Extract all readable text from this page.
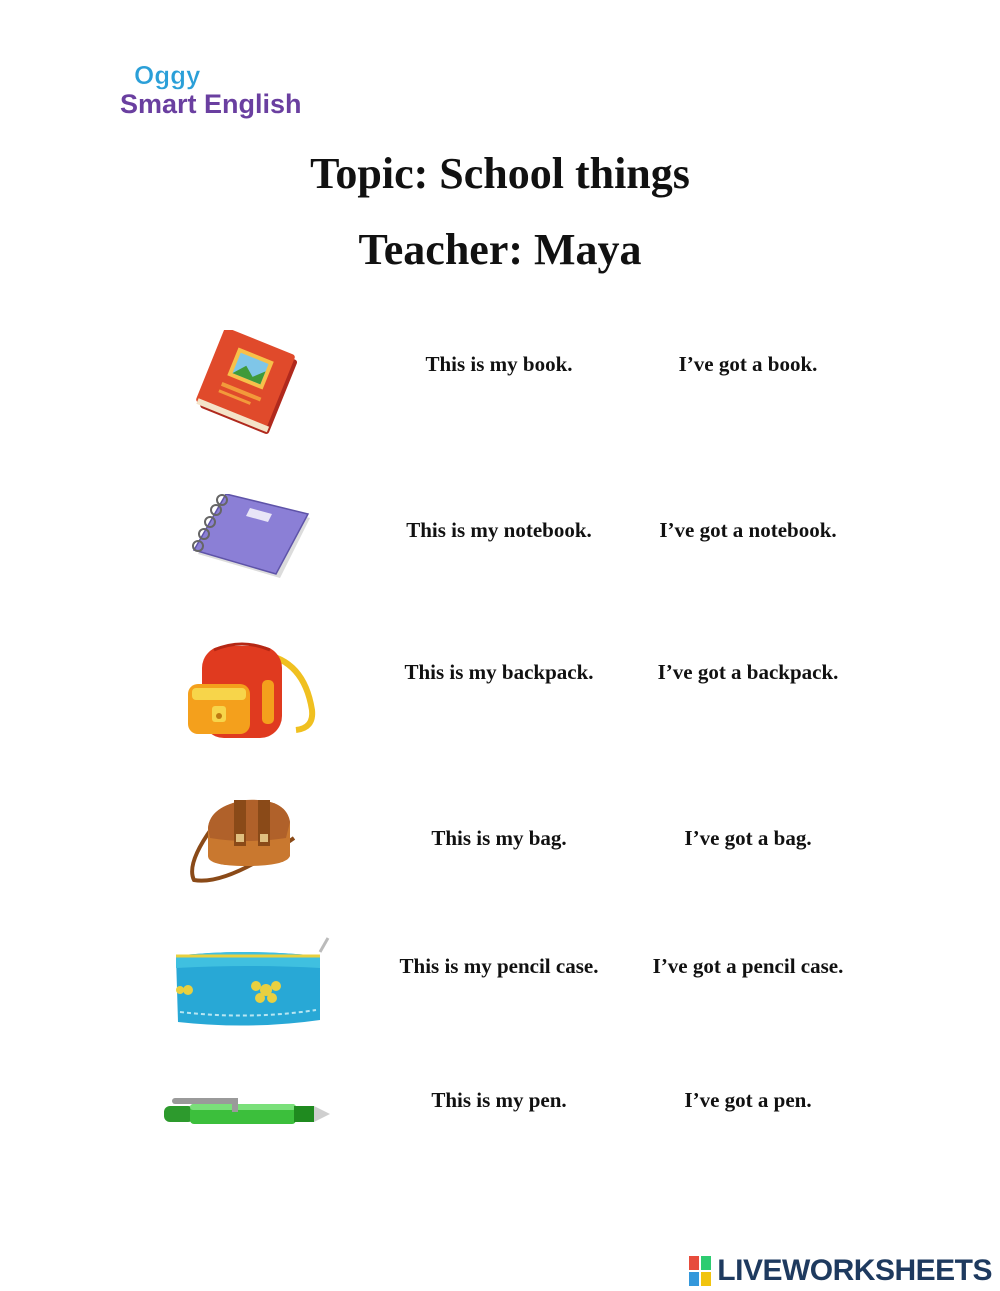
Oggy
Smart English
Topic: School things
Teacher: Maya
This is my book.	I’ve got a book.
This is my notebook.	I’ve got a notebook.
This is my backpack.	I’ve got a backpack.
This is my bag.	I’ve got a bag.
This is my pencil case.	I’ve got a pencil case.
This is my pen.	I’ve got a pen.
LIVEWORKSHEETS
